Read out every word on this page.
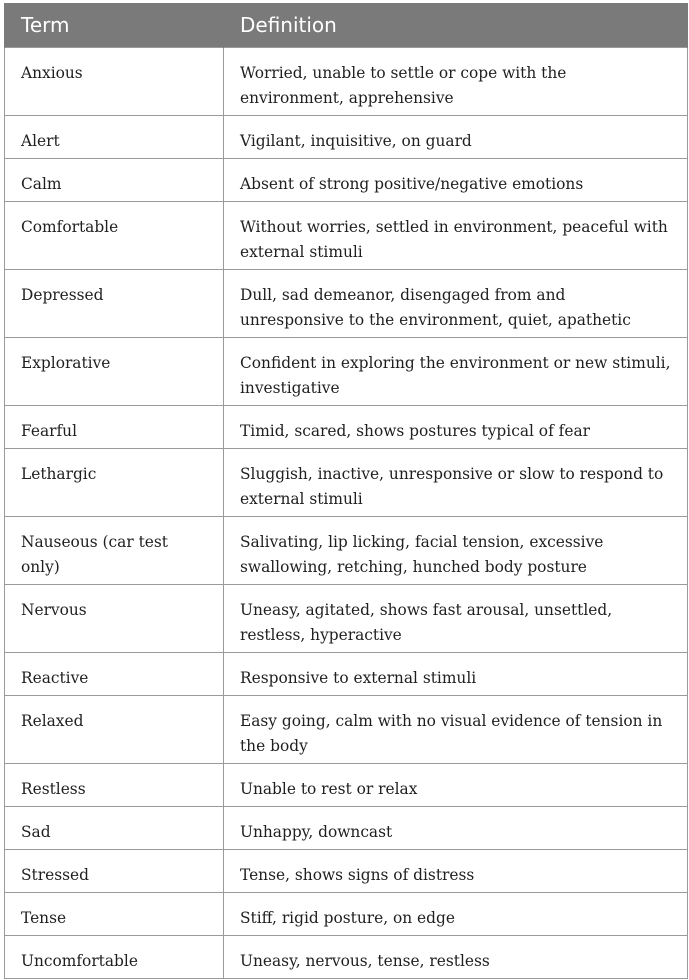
Term	Definition
Anxious	Worried, unable to settle or cope with the environment, apprehensive
Alert	Vigilant, inquisitive, on guard
Calm	Absent of strong positive/negative emotions
Comfortable	Without worries, settled in environment, peaceful with external stimuli
Depressed	Dull, sad demeanor, disengaged from and unresponsive to the environment, quiet, apathetic
Explorative	Confident in exploring the environment or new stimuli, investigative
Fearful	Timid, scared, shows postures typical of fear
Lethargic	Sluggish, inactive, unresponsive or slow to respond to external stimuli
Nauseous (car test only)	Salivating, lip licking, facial tension, excessive swallowing, retching, hunched body posture
Nervous	Uneasy, agitated, shows fast arousal, unsettled, restless, hyperactive
Reactive	Responsive to external stimuli
Relaxed	Easy going, calm with no visual evidence of tension in the body
Restless	Unable to rest or relax
Sad	Unhappy, downcast
Stressed	Tense, shows signs of distress
Tense	Stiff, rigid posture, on edge
Uncomfortable	Uneasy, nervous, tense, restless
